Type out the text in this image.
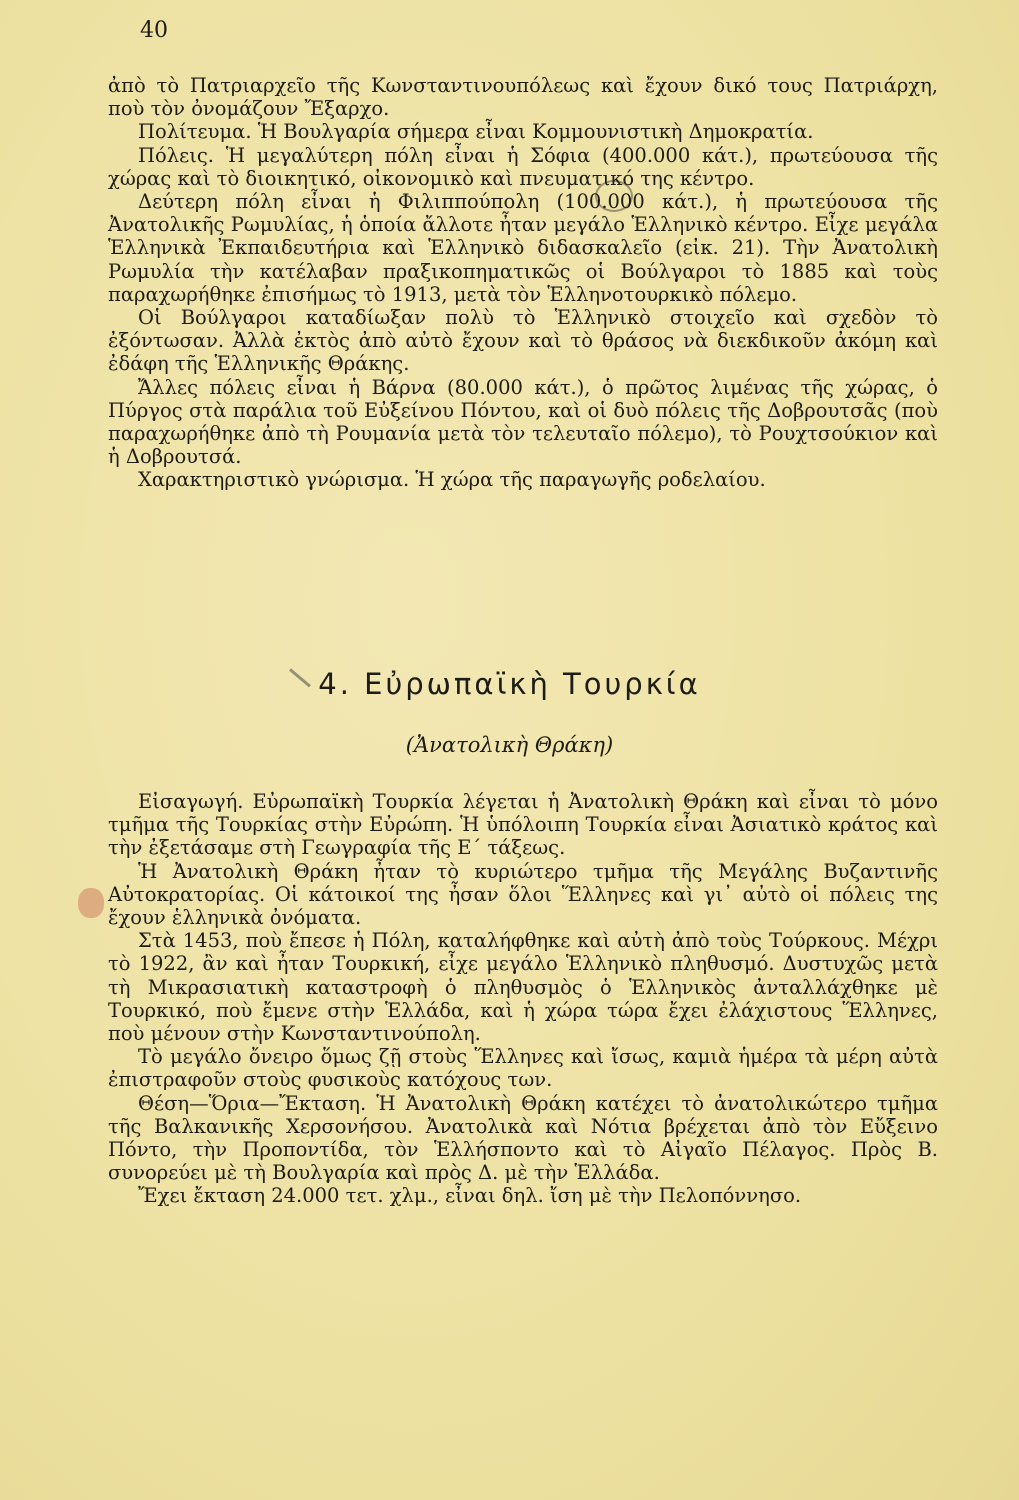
40

ἀπὸ τὸ Πατριαρχεῖο τῆς Κωνσταντινουπόλεως καὶ ἔχουν δικό τους Πατριάρχη, ποὺ τὸν ὀνομάζουν Ἔξαρχο.

Πολίτευμα. Ἡ Βουλγαρία σήμερα εἶναι Κομμουνιστικὴ Δημοκρατία.

Πόλεις. Ἡ μεγαλύτερη πόλη εἶναι ἡ Σόφια (400.000 κάτ.), πρωτεύουσα τῆς χώρας καὶ τὸ διοικητικό, οἰκονομικὸ καὶ πνευματικό της κέντρο.

Δεύτερη πόλη εἶναι ἡ Φιλιππούπολη (100.000 κάτ.), ἡ πρωτεύουσα τῆς Ἀνατολικῆς Ρωμυλίας, ἡ ὁποία ἄλλοτε ἦταν μεγάλο Ἑλληνικὸ κέντρο. Εἶχε μεγάλα Ἑλληνικὰ Ἐκπαιδευτήρια καὶ Ἑλληνικὸ διδασκαλεῖο (εἰκ. 21). Τὴν Ἀνατολικὴ Ρωμυλία τὴν κατέλαβαν πραξικοπηματικῶς οἱ Βούλγαροι τὸ 1885 καὶ τοὺς παραχωρήθηκε ἐπισήμως τὸ 1913, μετὰ τὸν Ἑλληνοτουρκικὸ πόλεμο.

Οἱ Βούλγαροι καταδίωξαν πολὺ τὸ Ἑλληνικὸ στοιχεῖο καὶ σχεδὸν τὸ ἐξόντωσαν. Ἀλλὰ ἐκτὸς ἀπὸ αὐτὸ ἔχουν καὶ τὸ θράσος νὰ διεκδικοῦν ἀκόμη καὶ ἐδάφη τῆς Ἑλληνικῆς Θράκης.

Ἄλλες πόλεις εἶναι ἡ Βάρνα (80.000 κάτ.), ὁ πρῶτος λιμένας τῆς χώρας, ὁ Πύργος στὰ παράλια τοῦ Εὐξείνου Πόντου, καὶ οἱ δυὸ πόλεις τῆς Δοβρουτσᾶς (ποὺ παραχωρήθηκε ἀπὸ τὴ Ρουμανία μετὰ τὸν τελευταῖο πόλεμο), τὸ Ρουχτσούκιον καὶ ἡ Δοβρουτσά.

Χαρακτηριστικὸ γνώρισμα. Ἡ χώρα τῆς παραγωγῆς ροδελαίου.

4. Εὐρωπαϊκὴ Τουρκία
(Ἀνατολικὴ Θράκη)

Εἰσαγωγή. Εὐρωπαϊκὴ Τουρκία λέγεται ἡ Ἀνατολικὴ Θράκη καὶ εἶναι τὸ μόνο τμῆμα τῆς Τουρκίας στὴν Εὐρώπη. Ἡ ὑπόλοιπη Τουρκία εἶναι Ἀσιατικὸ κράτος καὶ τὴν ἐξετάσαμε στὴ Γεωγραφία τῆς Ε΄ τάξεως.

Ἡ Ἀνατολικὴ Θράκη ἦταν τὸ κυριώτερο τμῆμα τῆς Μεγάλης Βυζαντινῆς Αὐτοκρατορίας. Οἱ κάτοικοί της ἦσαν ὅλοι Ἕλληνες καὶ γι᾿ αὐτὸ οἱ πόλεις της ἔχουν ἑλληνικὰ ὀνόματα.

Στὰ 1453, ποὺ ἔπεσε ἡ Πόλη, καταλήφθηκε καὶ αὐτὴ ἀπὸ τοὺς Τούρκους. Μέχρι τὸ 1922, ἂν καὶ ἦταν Τουρκική, εἶχε μεγάλο Ἑλληνικὸ πληθυσμό. Δυστυχῶς μετὰ τὴ Μικρασιατικὴ καταστροφὴ ὁ πληθυσμὸς ὁ Ἑλληνικὸς ἀνταλλάχθηκε μὲ Τουρκικό, ποὺ ἔμενε στὴν Ἑλλάδα, καὶ ἡ χώρα τώρα ἔχει ἐλάχιστους Ἕλληνες, ποὺ μένουν στὴν Κωνσταντινούπολη.

Τὸ μεγάλο ὄνειρο ὅμως ζῇ στοὺς Ἕλληνες καὶ ἴσως, καμιὰ ἡμέρα τὰ μέρη αὐτὰ ἐπιστραφοῦν στοὺς φυσικοὺς κατόχους των.

Θέση—Ὅρια—Ἔκταση. Ἡ Ἀνατολικὴ Θράκη κατέχει τὸ ἀνατολικώτερο τμῆμα τῆς Βαλκανικῆς Χερσονήσου. Ἀνατολικὰ καὶ Νότια βρέχεται ἀπὸ τὸν Εὔξεινο Πόντο, τὴν Προποντίδα, τὸν Ἑλλήσποντο καὶ τὸ Αἰγαῖο Πέλαγος. Πρὸς Β. συνορεύει μὲ τὴ Βουλγαρία καὶ πρὸς Δ. μὲ τὴν Ἑλλάδα.

Ἔχει ἔκταση 24.000 τετ. χλμ., εἶναι δηλ. ἴση μὲ τὴν Πελοπόννησο.
